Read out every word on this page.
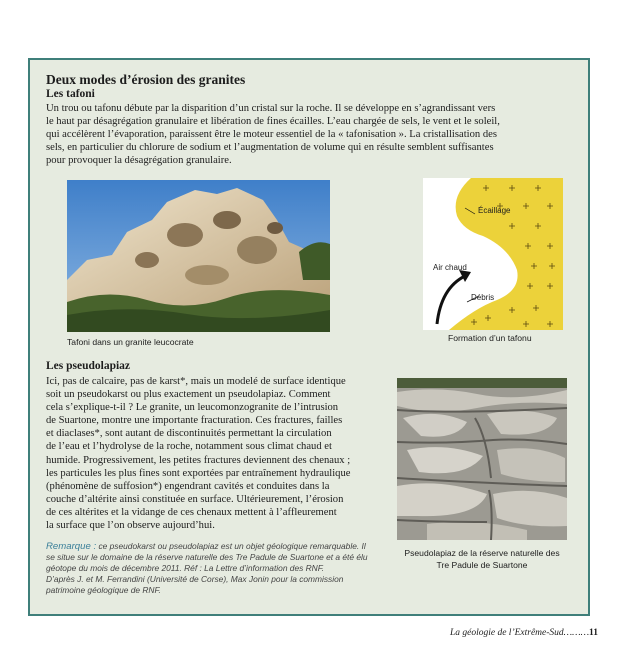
Deux modes d’érosion des granites
Les tafoni
Un trou ou tafonu débute par la disparition d’un cristal sur la roche. Il se développe en s’agrandissant vers
le haut par désagrégation granulaire et libération de fines écailles. L’eau chargée de sels, le vent et le soleil,
qui accélèrent l’évaporation, paraissent être le moteur essentiel de la « tafonisation ». La cristallisation des
sels, en particulier du chlorure de sodium et l’augmentation de volume qui en résulte semblent suffisantes
pour provoquer la désagrégation granulaire.
Tafoni dans un granite leucocrate
Écaillage
Air chaud
Débris
Formation d’un tafonu
Les pseudolapiaz
Ici, pas de calcaire, pas de karst*, mais un modelé de surface identique
soit un pseudokarst ou plus exactement un pseudolapiaz. Comment
cela s’explique-t-il ? Le granite, un leucomonzogranite de l’intrusion
de Suartone, montre une importante fracturation. Ces fractures, failles
et diaclases*, sont autant de discontinuités permettant la circulation
de l’eau et l’hydrolyse de la roche, notamment sous climat chaud et
humide. Progressivement, les petites fractures deviennent des chenaux ;
les particules les plus fines sont exportées par entraînement hydraulique
(phénomène de suffosion*) engendrant cavités et conduites dans la
couche d’altérite ainsi constituée en surface. Ultérieurement, l’érosion
de ces altérites et la vidange de ces chenaux mettent à l’affleurement
la surface que l’on observe aujourd’hui.
Pseudolapiaz de la réserve naturelle des
Tre Padule de Suartone
Remarque : ce pseudokarst ou pseudolapiaz est un objet géologique remarquable. Il
se situe sur le domaine de la réserve naturelle des Tre Padule de Suartone et a été élu
géotope du mois de décembre 2011. Réf : La Lettre d’information des RNF.
D’après J. et M. Ferrandini (Université de Corse), Max Jonin pour la commission
patrimoine géologique de RNF.
La géologie de l’Extrême-Sud………11
